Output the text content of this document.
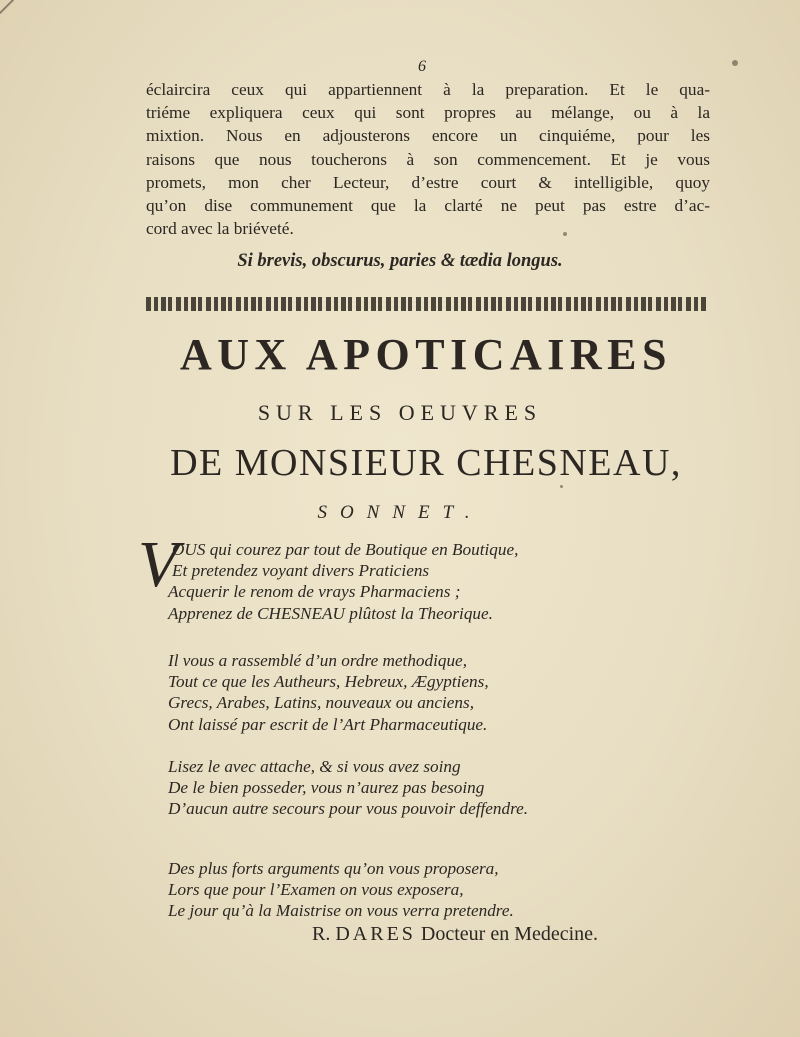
6

éclaircira ceux qui appartiennent à la preparation. Et le qua-
triéme expliquera ceux qui sont propres au mélange, ou à la
mixtion. Nous en adjousterons encore un cinquiéme, pour les
raisons que nous toucherons à son commencement. Et je vous
promets, mon cher Lecteur, d’estre court & intelligible, quoy
qu’on dise communement que la clarté ne peut pas estre d’ac-
cord avec la briéveté.

Si brevis, obscurus, paries & tædia longus.
AUX APOTICAIRES
SUR LES OEUVRES
DE MONSIEUR CHESNEAU,
SONNET.
V

OUS qui courez par tout de Boutique en Boutique,
Et pretendez voyant divers Praticiens
Acquerir le renom de vrays Pharmaciens ;
Apprenez de CHESNEAU plûtost la Theorique.

Il vous a rassemblé d’un ordre methodique,
Tout ce que les Autheurs, Hebreux, Ægyptiens,
Grecs, Arabes, Latins, nouveaux ou anciens,
Ont laissé par escrit de l’Art Pharmaceutique.

Lisez le avec attache, & si vous avez soing
De le bien posseder, vous n’aurez pas besoing
D’aucun autre secours pour vous pouvoir deffendre.

Des plus forts arguments qu’on vous proposera,
Lors que pour l’Examen on vous exposera,
Le jour qu’à la Maistrise on vous verra pretendre.

R. DARES Docteur en Medecine.
